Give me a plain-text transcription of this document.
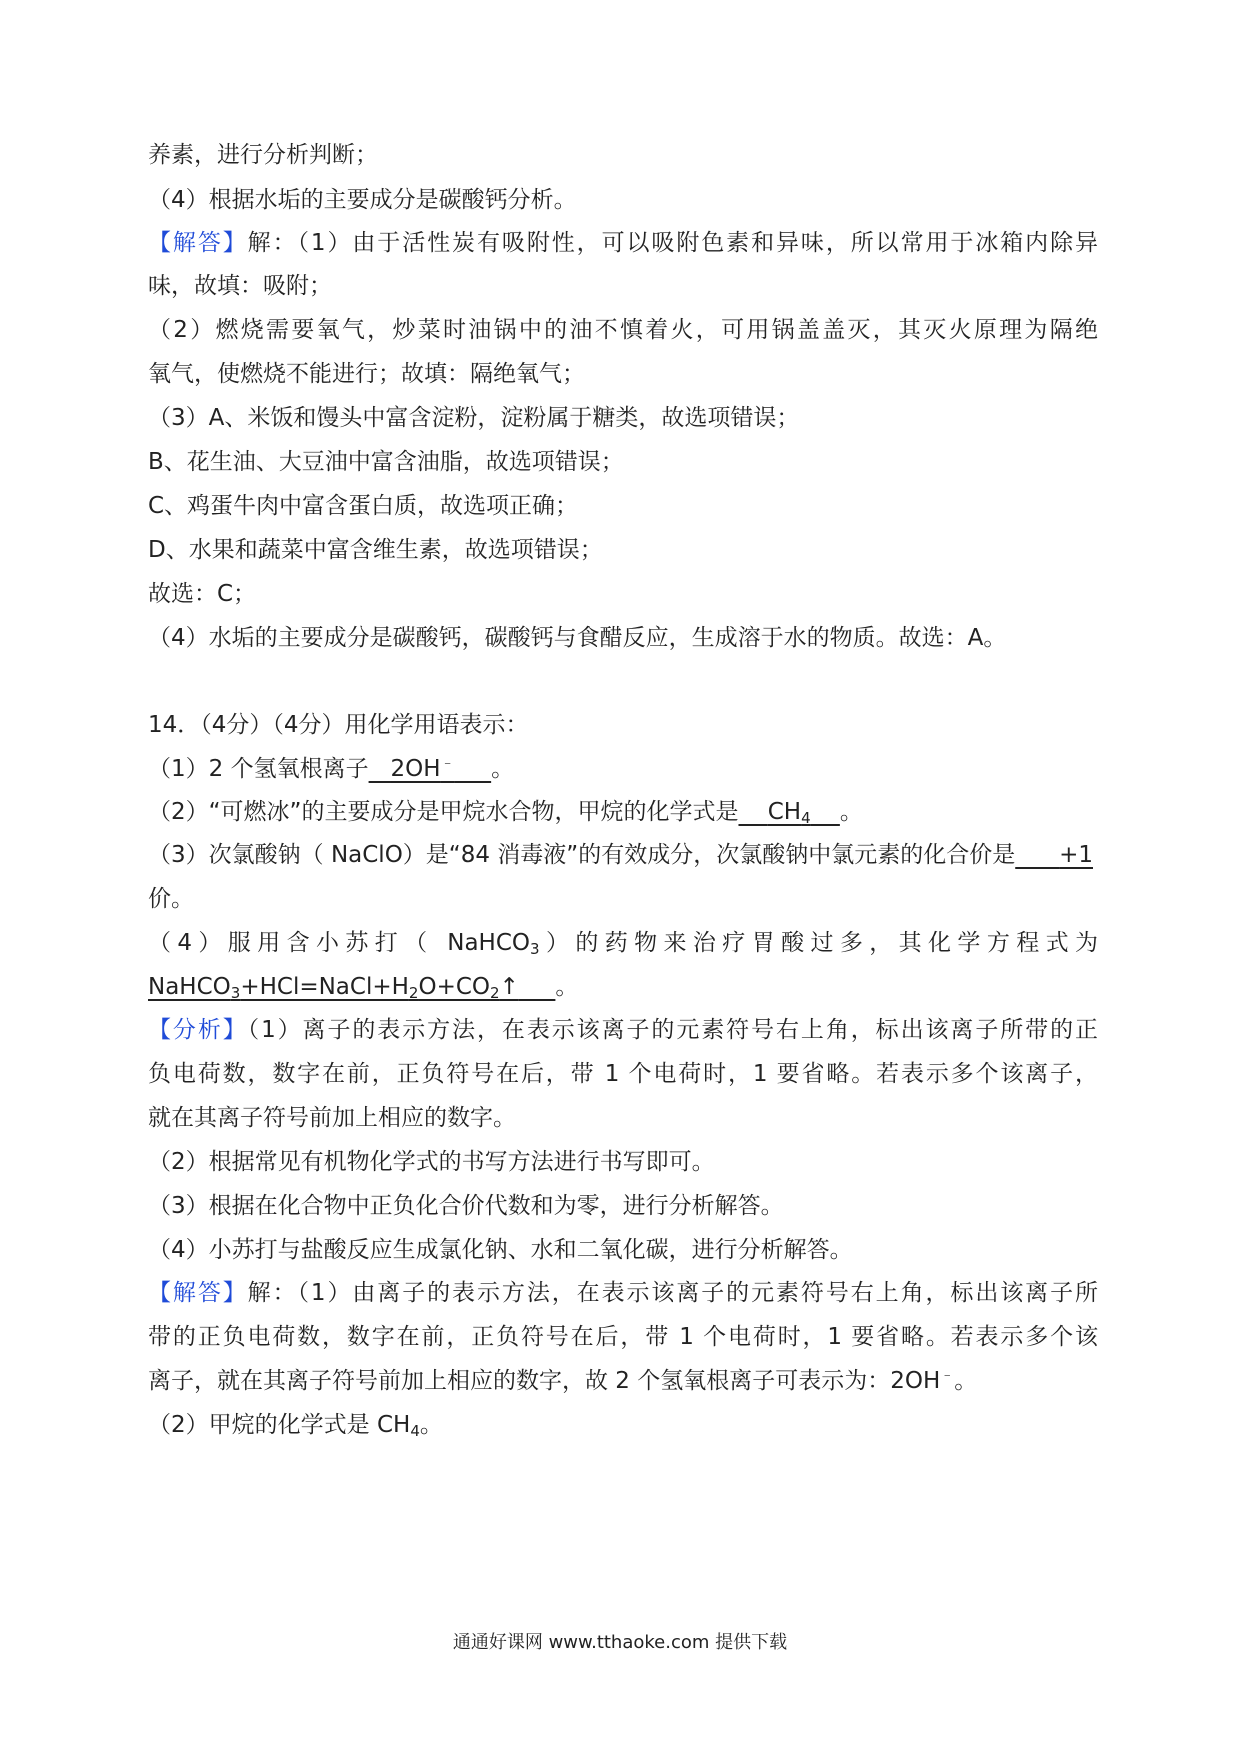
养素，进行分析判断；
（4）根据水垢的主要成分是碳酸钙分析。
【解答】解：（1）由于活性炭有吸附性，可以吸附色素和异味，所以常用于冰箱内除异
味，故填：吸附；
（2）燃烧需要氧气，炒菜时油锅中的油不慎着火，可用锅盖盖灭，其灭火原理为隔绝
氧气，使燃烧不能进行；故填：隔绝氧气；
（3）A、米饭和馒头中富含淀粉，淀粉属于糖类，故选项错误；
B、花生油、大豆油中富含油脂，故选项错误；
C、鸡蛋牛肉中富含蛋白质，故选项正确；
D、水果和蔬菜中富含维生素，故选项错误；
故选：C；
（4）水垢的主要成分是碳酸钙，碳酸钙与食醋反应，生成溶于水的物质。故选：A。
14．（4分）（4分）用化学用语表示：
（1）2 个氢氧根离子 2OH﹣ 。
（2）“可燃冰”的主要成分是甲烷水合物，甲烷的化学式是 $CH_4$ 。
（3）次氯酸钠（ NaClO）是“84 消毒液”的有效成分，次氯酸钠中氯元素的化合价是 +1
价。
（4）服用含小苏打（ NaHCO$_3$）的药物来治疗胃酸过多，其化学方程式为
$NaHCO_3+HCl=NaCl+H_2O+CO_2↑$ 。
【分析】（1）离子的表示方法，在表示该离子的元素符号右上角，标出该离子所带的正
负电荷数，数字在前，正负符号在后，带 1 个电荷时，1 要省略。若表示多个该离子，
就在其离子符号前加上相应的数字。
（2）根据常见有机物化学式的书写方法进行书写即可。
（3）根据在化合物中正负化合价代数和为零，进行分析解答。
（4）小苏打与盐酸反应生成氯化钠、水和二氧化碳，进行分析解答。
【解答】解：（1）由离子的表示方法，在表示该离子的元素符号右上角，标出该离子所
带的正负电荷数，数字在前，正负符号在后，带 1 个电荷时，1 要省略。若表示多个该
离子，就在其离子符号前加上相应的数字，故 2 个氢氧根离子可表示为：2OH﹣。
（2）甲烷的化学式是 $CH_4$。
通通好课网 www.tthaoke.com 提供下载
